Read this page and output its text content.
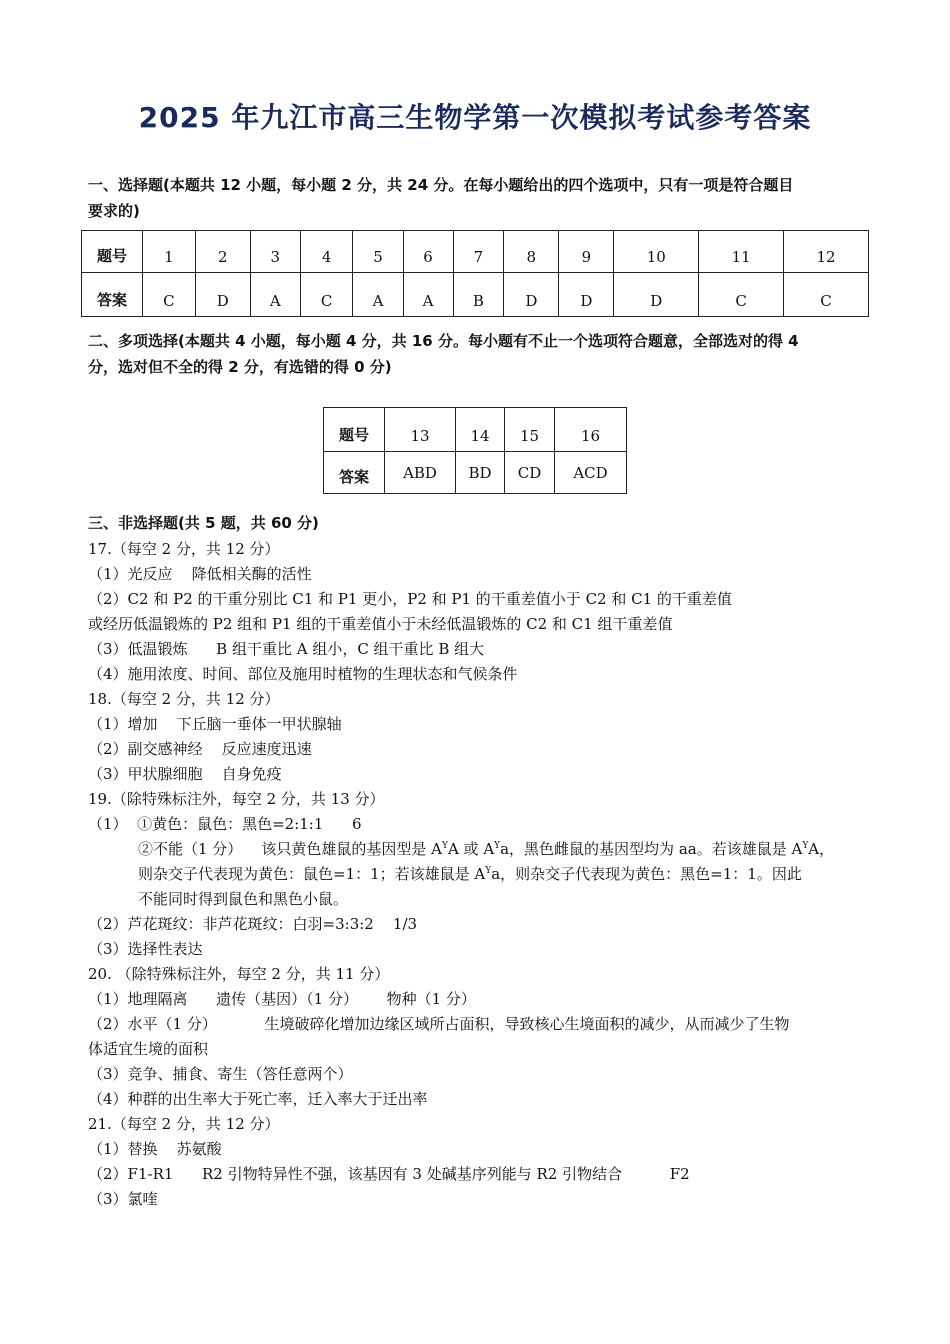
2025 年九江市高三生物学第一次模拟考试参考答案
一、选择题(本题共 12 小题，每小题 2 分，共 24 分。在每小题给出的四个选项中，只有一项是符合题目
要求的)
题号	1	2	3	4	5	6	7	8	9	10	11	12
答案	C	D	A	C	A	A	B	D	D	D	C	C
二、多项选择(本题共 4 小题，每小题 4 分，共 16 分。每小题有不止一个选项符合题意，全部选对的得 4
分，选对但不全的得 2 分，有选错的得 0 分)
题号	13	14	15	16
答案	ABD	BD	CD	ACD
三、非选择题(共 5 题，共 60 分)
17.（每空 2 分，共 12 分）
（1）光反应    降低相关酶的活性
（2）C2 和 P2 的干重分别比 C1 和 P1 更小，P2 和 P1 的干重差值小于 C2 和 C1 的干重差值
或经历低温锻炼的 P2 组和 P1 组的干重差值小于未经低温锻炼的 C2 和 C1 组干重差值
（3）低温锻炼      B 组干重比 A 组小，C 组干重比 B 组大
（4）施用浓度、时间、部位及施用时植物的生理状态和气候条件
18.（每空 2 分，共 12 分）
（1）增加    下丘脑一垂体一甲状腺轴
（2）副交感神经    反应速度迅速
（3）甲状腺细胞    自身免疫
19.（除特殊标注外，每空 2 分，共 13 分）
（1）  ①黄色：鼠色：黑色=2:1:1      6
②不能（1 分）    该只黄色雄鼠的基因型是 $A^YA$ 或 $A^Ya$，黑色雌鼠的基因型均为 aa。若该雄鼠是 $A^YA$，
则杂交子代表现为黄色：鼠色=1：1；若该雄鼠是 $A^Ya$，则杂交子代表现为黄色：黑色=1：1。因此
不能同时得到鼠色和黑色小鼠。
（2）芦花斑纹：非芦花斑纹：白羽=3:3:2    1/3
（3）选择性表达
20. （除特殊标注外，每空 2 分，共 11 分）
（1）地理隔离      遗传（基因）（1 分）      物种（1 分）
（2）水平（1 分）          生境破碎化增加边缘区域所占面积，导致核心生境面积的减少，从而减少了生物
体适宜生境的面积
（3）竞争、捕食、寄生（答任意两个）
（4）种群的出生率大于死亡率，迁入率大于迁出率
21.（每空 2 分，共 12 分）
（1）替换    苏氨酸
（2）F1-R1      R2 引物特异性不强，该基因有 3 处碱基序列能与 R2 引物结合          F2
（3）氯喹
